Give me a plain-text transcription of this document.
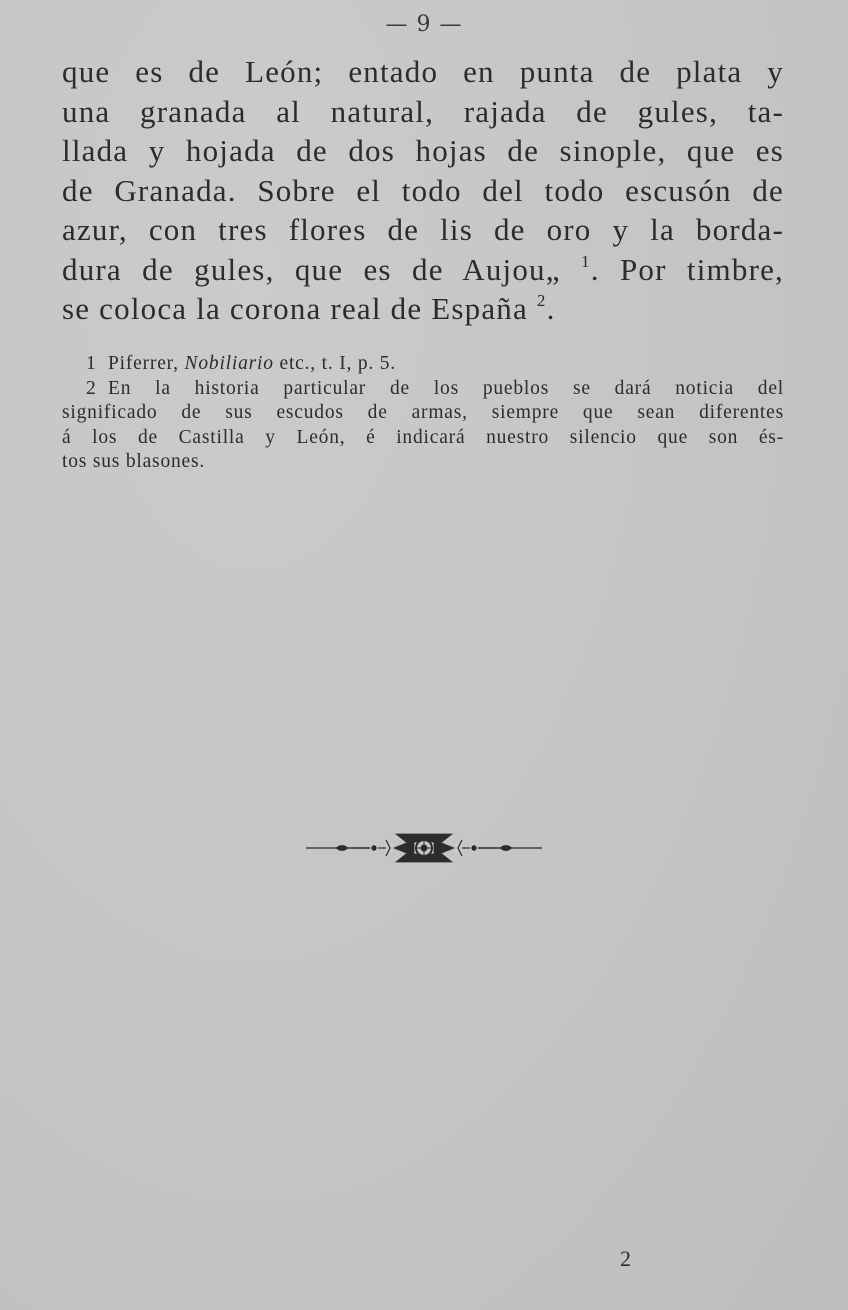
— 9 —
que es de León; entado en punta de plata y
una granada al natural, rajada de gules, ta-
llada y hojada de dos hojas de sinople, que es
de Granada. Sobre el todo del todo escusón de
azur, con tres flores de lis de oro y la borda-
dura de gules, que es de Aujou„ $^1$. Por timbre,
se coloca la corona real de España $^2$.
1 Piferrer, Nobiliario etc., t. I, p. 5.
2 En la historia particular de los pueblos se dará noticia del
significado de sus escudos de armas, siempre que sean diferentes
á los de Castilla y León, é indicará nuestro silencio que son és-
tos sus blasones.
2
